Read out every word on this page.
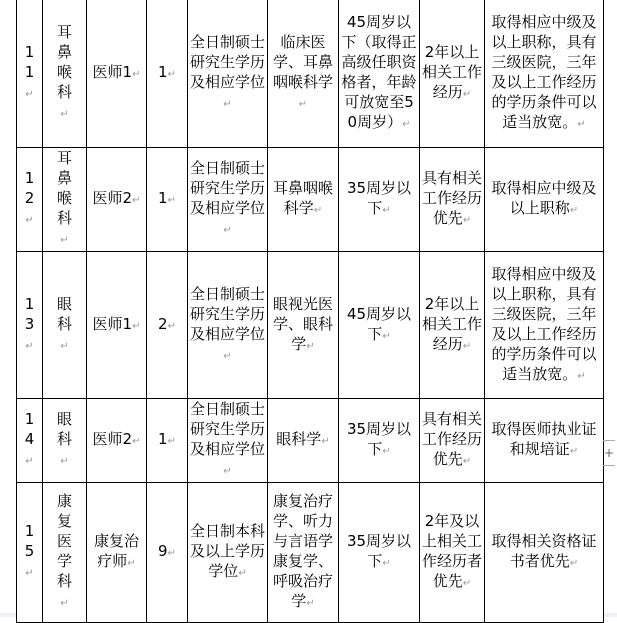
11 ↵	耳鼻喉科 ↵	医师1 ↵	1 ↵	全日制硕士研究生学历及相应学位 ↵	临床医学、耳鼻咽喉科学 ↵	45周岁以下（取得正高级任职资格者，年龄可放宽至50周岁） ↵	2年以上相关工作经历 ↵	取得相应中级及以上职称，具有三级医院，三年及以上工作经历的学历条件可以适当放宽。 ↵
12 ↵	耳鼻喉科 ↵	医师2 ↵	1 ↵	全日制硕士研究生学历及相应学位 ↵	耳鼻咽喉科学 ↵	35周岁以下 ↵	具有相关工作经历优先 ↵	取得相应中级及以上职称 ↵
13 ↵	眼科 ↵	医师1 ↵	2 ↵	全日制硕士研究生学历及相应学位 ↵	眼视光医学、眼科学 ↵	45周岁以下 ↵	2年以上相关工作经历 ↵	取得相应中级及以上职称，具有三级医院，三年及以上工作经历的学历条件可以适当放宽。 ↵
14 ↵	眼科 ↵	医师2 ↵	1 ↵	全日制硕士研究生学历及相应学位 ↵	眼科学 ↵	35周岁以下 ↵	具有相关工作经历优先 ↵	取得医师执业证和规培证 ↵
15 ↵	康复医学科 ↵	康复治疗师 ↵	9 ↵	全日制本科及以上学历学位 ↵	康复治疗学、听力与言语学康复学、呼吸治疗学 ↵	35周岁以下 ↵	2年及以上相关工作经历者优先 ↵	取得相关资格证书者优先 ↵
+
